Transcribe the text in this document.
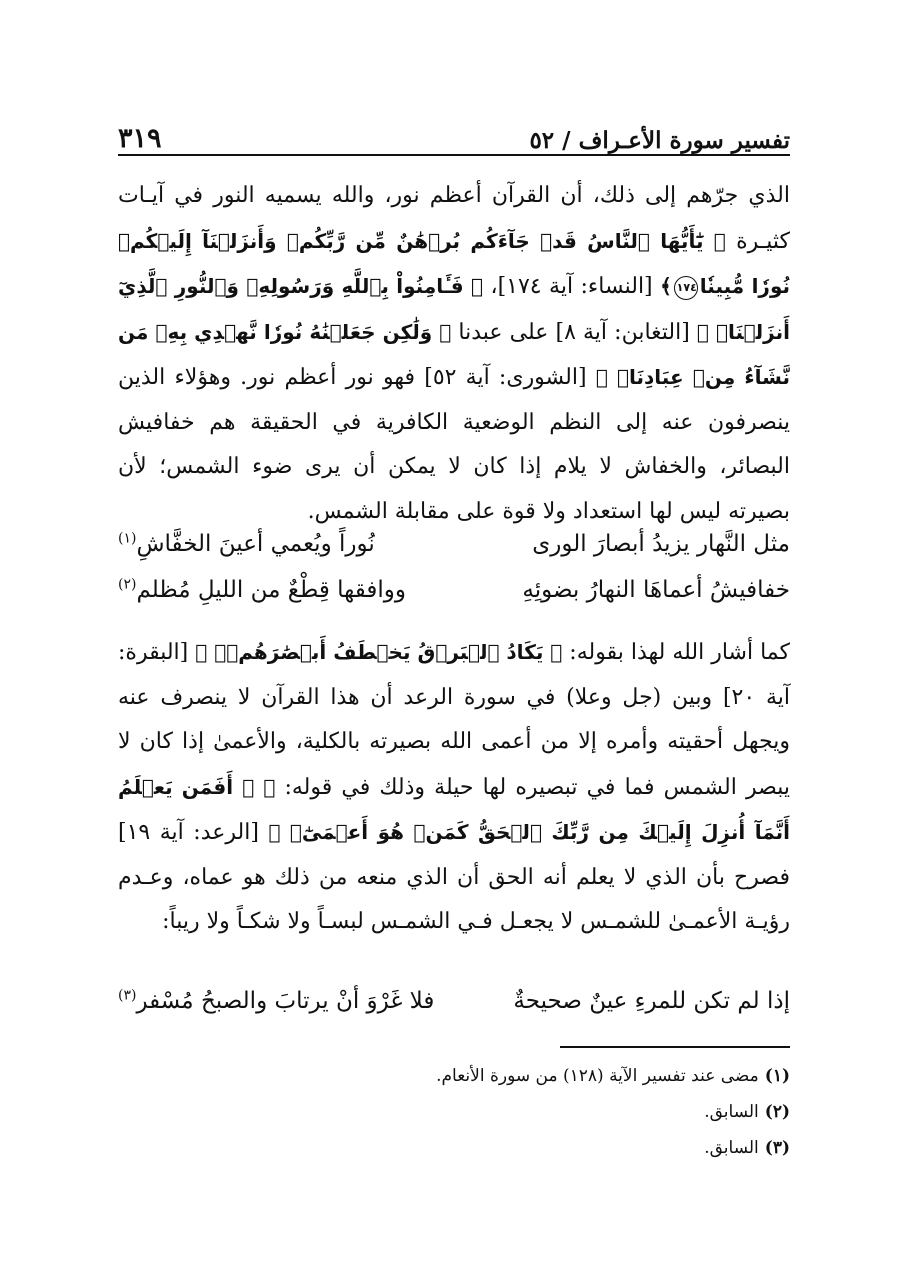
تفسير سورة الأعـراف / ٥٢
٣١٩

الذي جرّهم إلى ذلك، أن القرآن أعظم نور، والله يسميه النور في آيـات كثيـرة ﴿ يَٰٓأَيُّهَا ٱلنَّاسُ قَدۡ جَآءَكُم بُرۡهَٰنٌ مِّن رَّبِّكُمۡ وَأَنزَلۡنَآ إِلَيۡكُمۡ نُورٗا مُّبِينٗا١٧٤﴾ [النساء: آية ١٧٤]، ﴿ فَـَٔامِنُواْ بِٱللَّهِ وَرَسُولِهِۦ وَٱلنُّورِ ٱلَّذِيٓ أَنزَلۡنَاۚ ﴾ [التغابن: آية ٨] على عبدنا ﴿ وَلَٰكِن جَعَلۡنَٰهُ نُورٗا نَّهۡدِي بِهِۦ مَن نَّشَآءُ مِنۡ عِبَادِنَاۚ ﴾ [الشورى: آية ٥٢] فهو نور أعظم نور. وهؤلاء الذين ينصرفون عنه إلى النظم الوضعية الكافرية في الحقيقة هم خفافيش البصائر، والخفاش لا يلام إذا كان لا يمكن أن يرى ضوء الشمس؛ لأن بصيرته ليس لها استعداد ولا قوة على مقابلة الشمس.

مثل النَّهار يزيدُ أبصارَ الورى
نُوراً ويُعمي أعينَ الخفَّاشِ$^{(١)}$
خفافيشُ أعماهَا النهارُ بضوئِهِ
ووافقها قِطْعٌ من الليلِ مُظلم$^{(٢)}$

كما أشار الله لهذا بقوله: ﴿ يَكَادُ ٱلۡبَرۡقُ يَخۡطَفُ أَبۡصَٰرَهُمۡۖ ﴾ [البقرة: آية ٢٠] وبين (جل وعلا) في سورة الرعد أن هذا القرآن لا ينصرف عنه ويجهل أحقيته وأمره إلا من أعمى الله بصيرته بالكلية، والأعمىٰ إذا كان لا يبصر الشمس فما في تبصيره لها حيلة وذلك في قوله: ﴿ ۞ أَفَمَن يَعۡلَمُ أَنَّمَآ أُنزِلَ إِلَيۡكَ مِن رَّبِّكَ ٱلۡحَقُّ كَمَنۡ هُوَ أَعۡمَىٰٓۚ ﴾ [الرعد: آية ١٩] فصرح بأن الذي لا يعلم أنه الحق أن الذي منعه من ذلك هو عماه، وعـدم رؤيـة الأعمـىٰ للشمـس لا يجعـل فـي الشمـس لبسـاً ولا شكـاً ولا ريباً:

إذا لم تكن للمرءِ عينٌ صحيحةٌ
فلا غَرْوَ أنْ يرتابَ والصبحُ مُسْفر$^{(٣)}$

(١)مضى عند تفسير الآية (١٢٨) من سورة الأنعام.

(٢)السابق.

(٣)السابق.
